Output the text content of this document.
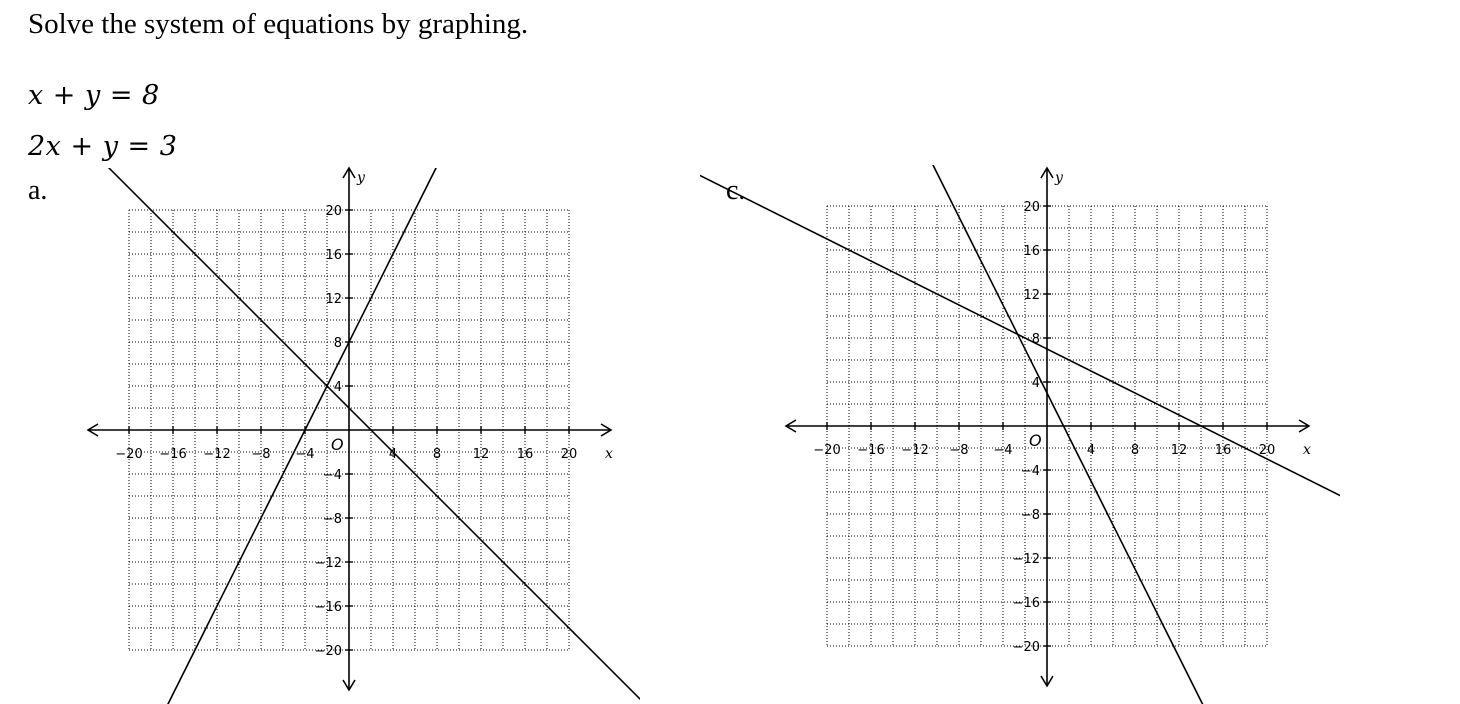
Solve the system of equations by graphing.
x + y = 8
2x + y = 3
a.	c.
−20 −16 −12 −8 −4	4	8 12 16 20
20
16
12
8
4
−4
−8
−12
−16
−20
x
y
O	−20 −16 −12 −8 −4	4	8 12 16 20
20
16
12
8
4
−4
−8
−12
−16
−20
x
y
O
